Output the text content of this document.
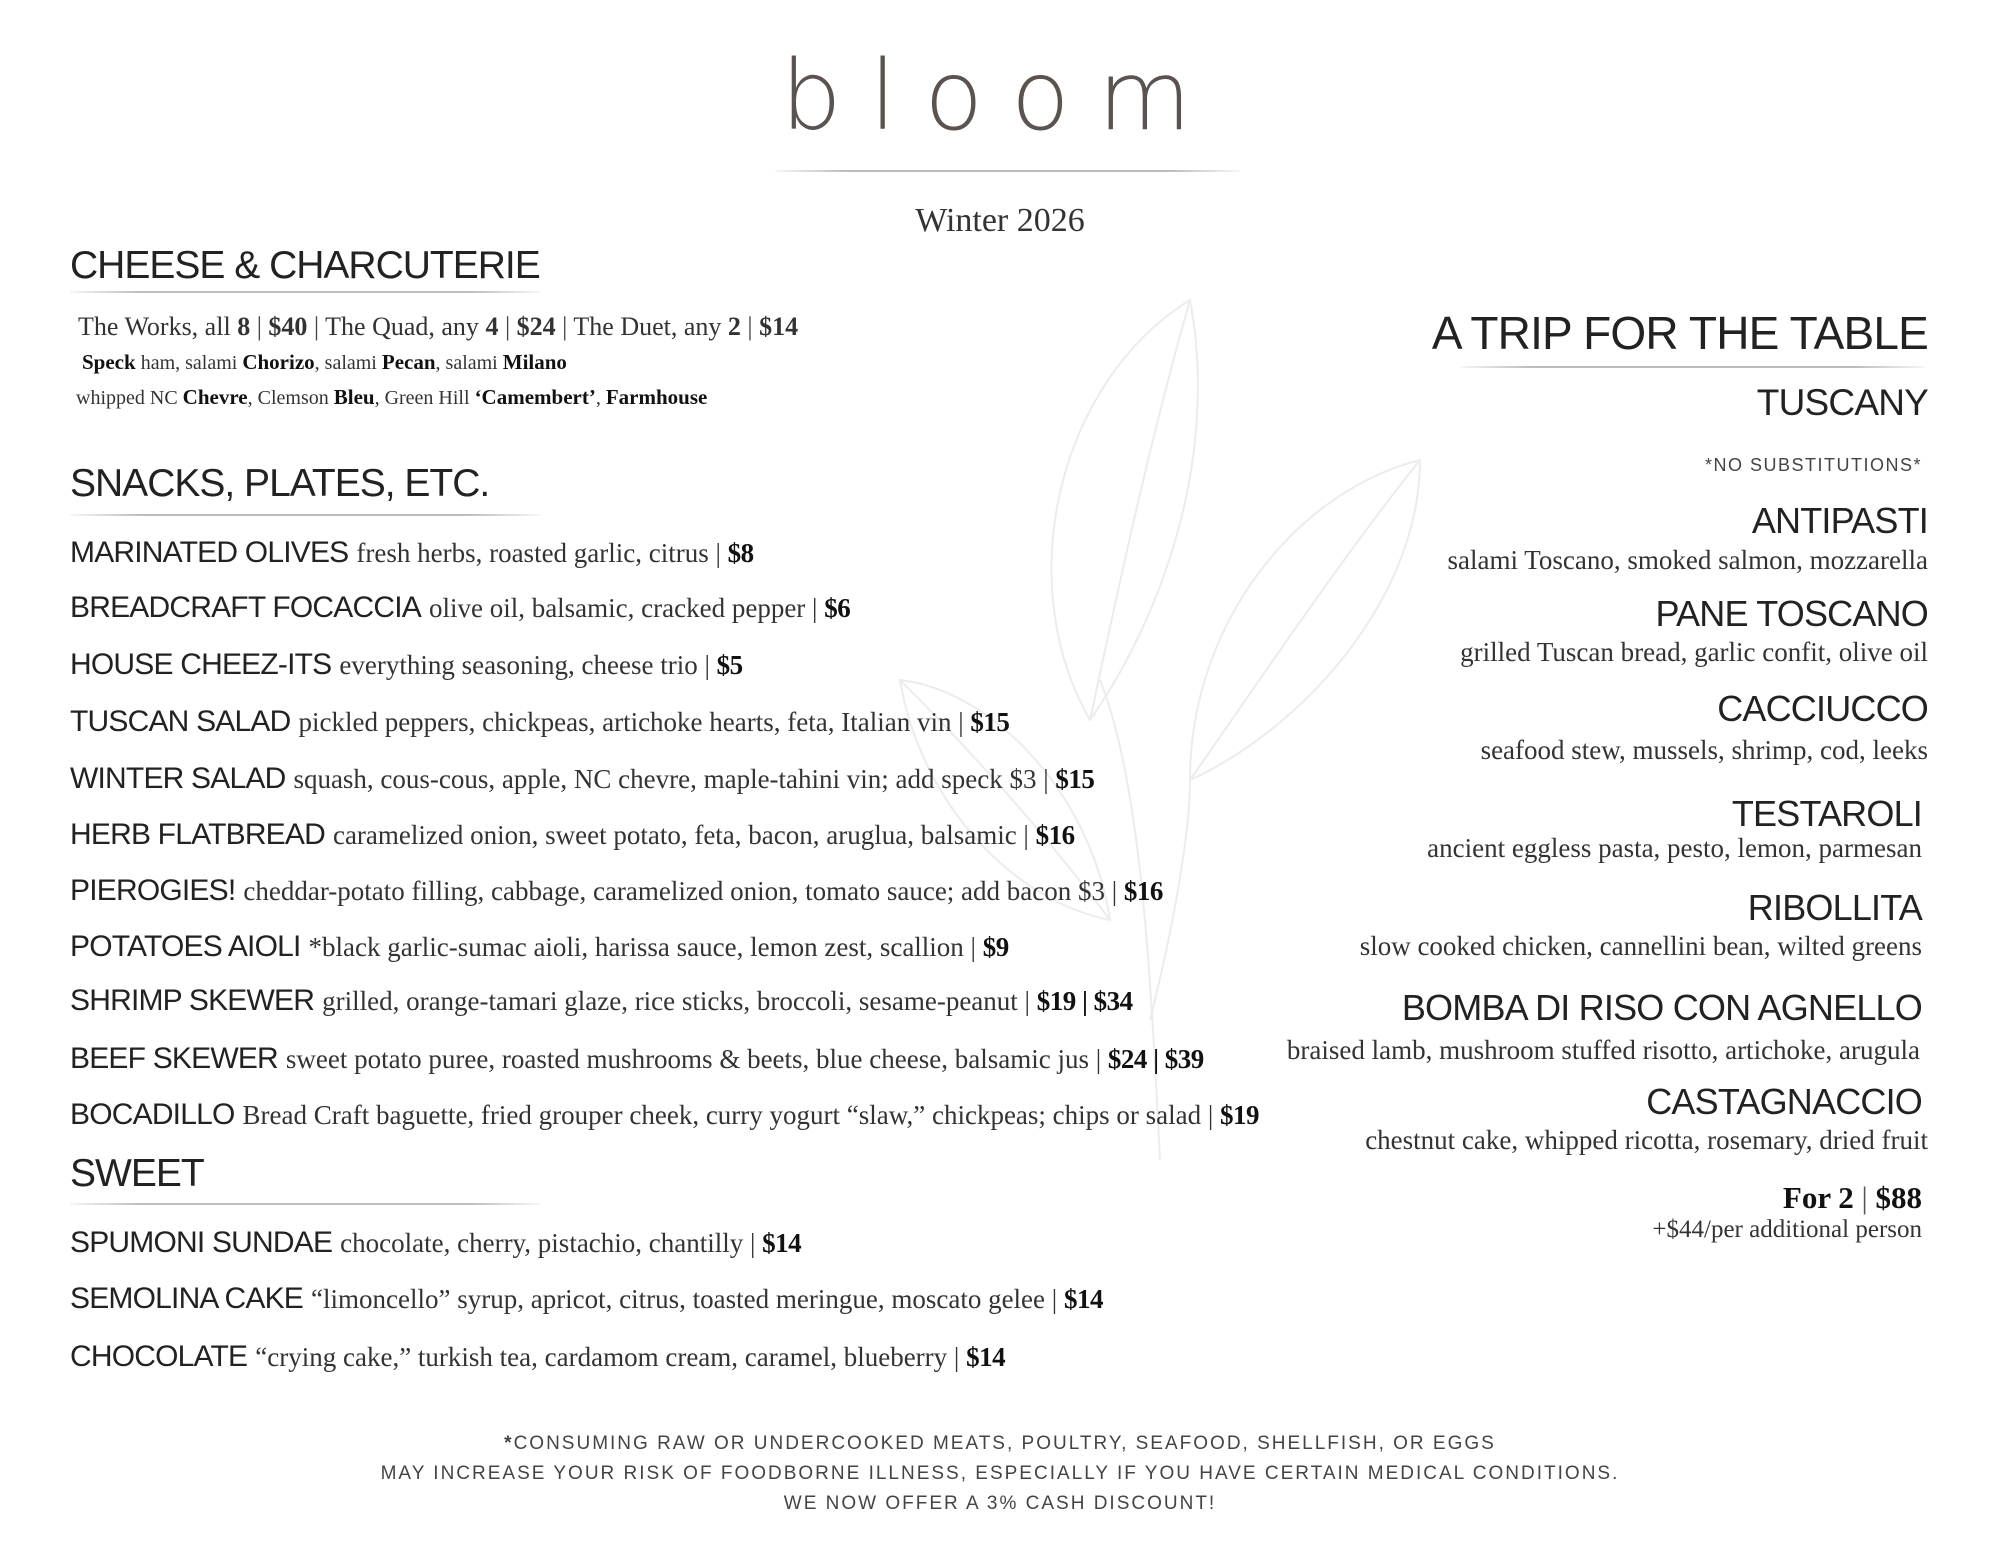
bloom
Winter 2026
CHEESE & CHARCUTERIE
The Works, all 8 | $40 | The Quad, any 4 | $24 | The Duet, any 2 | $14
Speck ham, salami Chorizo, salami Pecan, salami Milano
whipped NC Chevre, Clemson Bleu, Green Hill ‘Camembert’, Farmhouse
SNACKS, PLATES, ETC.
MARINATED OLIVES fresh herbs, roasted garlic, citrus | $8
BREADCRAFT FOCACCIA olive oil, balsamic, cracked pepper | $6
HOUSE CHEEZ-ITS everything seasoning, cheese trio | $5
TUSCAN SALAD pickled peppers, chickpeas, artichoke hearts, feta, Italian vin | $15
WINTER SALAD squash, cous-cous, apple, NC chevre, maple-tahini vin; add speck $3 | $15
HERB FLATBREAD caramelized onion, sweet potato, feta, bacon, aruglua, balsamic | $16
PIEROGIES! cheddar-potato filling, cabbage, caramelized onion, tomato sauce; add bacon $3 | $16
POTATOES AIOLI *black garlic-sumac aioli, harissa sauce, lemon zest, scallion | $9
SHRIMP SKEWER grilled, orange-tamari glaze, rice sticks, broccoli, sesame-peanut | $19 | $34
BEEF SKEWER sweet potato puree, roasted mushrooms & beets, blue cheese, balsamic jus | $24 | $39
BOCADILLO Bread Craft baguette, fried grouper cheek, curry yogurt “slaw,” chickpeas; chips or salad | $19
SWEET
SPUMONI SUNDAE chocolate, cherry, pistachio, chantilly | $14
SEMOLINA CAKE “limoncello” syrup, apricot, citrus, toasted meringue, moscato gelee | $14
CHOCOLATE “crying cake,” turkish tea, cardamom cream, caramel, blueberry | $14
A TRIP FOR THE TABLE
TUSCANY
*NO SUBSTITUTIONS*
ANTIPASTI
salami Toscano, smoked salmon, mozzarella
PANE TOSCANO
grilled Tuscan bread, garlic confit, olive oil
CACCIUCCO
seafood stew, mussels, shrimp, cod, leeks
TESTAROLI
ancient eggless pasta, pesto, lemon, parmesan
RIBOLLITA
slow cooked chicken, cannellini bean, wilted greens
BOMBA DI RISO CON AGNELLO
braised lamb, mushroom stuffed risotto, artichoke, arugula
CASTAGNACCIO
chestnut cake, whipped ricotta, rosemary, dried fruit
For 2 | $88
+$44/per additional person
*CONSUMING RAW OR UNDERCOOKED MEATS, POULTRY, SEAFOOD, SHELLFISH, OR EGGS
MAY INCREASE YOUR RISK OF FOODBORNE ILLNESS, ESPECIALLY IF YOU HAVE CERTAIN MEDICAL CONDITIONS.
WE NOW OFFER A 3% CASH DISCOUNT!
